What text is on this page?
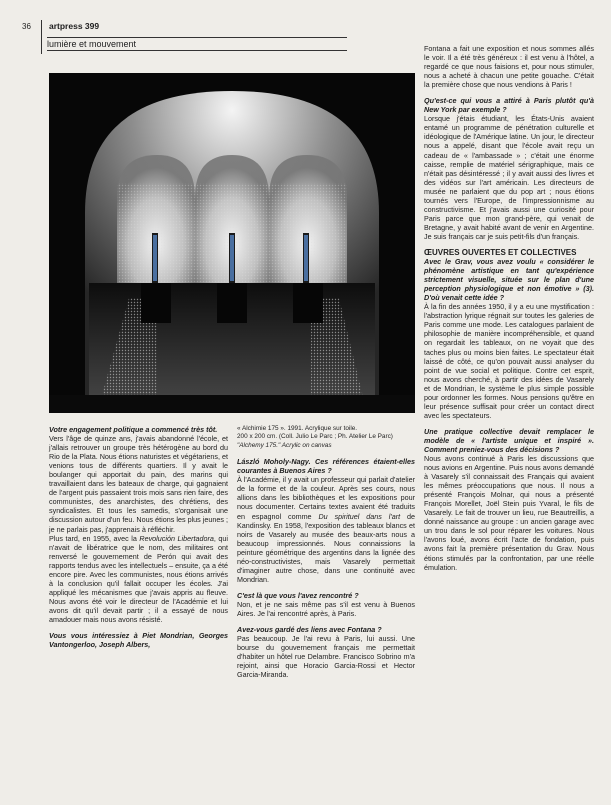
36 artpress 399
lumière et mouvement

Votre engagement politique a commencé très tôt.

Vers l'âge de quinze ans, j'avais abandonné l'école, et j'allais retrouver un groupe très hétérogène au bord du Rio de la Plata. Nous étions naturistes et végétariens, et venions tous de différents quartiers. Il y avait le boulanger qui apportait du pain, des marins qui travaillaient dans les bateaux de charge, qui gagnaient de l'argent puis passaient trois mois sans rien faire, des communistes, des anarchistes, des chrétiens, des syndicalistes. Et tous les samedis, s'organisait une discussion autour d'un feu. Nous étions les plus jeunes ; je ne parlais pas, j'apprenais à réfléchir.

Plus tard, en 1955, avec la Revolución Libertadora, qui n'avait de libératrice que le nom, des militaires ont renversé le gouvernement de Perón qui avait des rapports tendus avec les intellectuels – ensuite, ça a été encore pire. Avec les communistes, nous étions arrivés à la conclusion qu'il fallait occuper les écoles. J'ai appliqué les mécanismes que j'avais appris au fleuve. Nous avons été voir le directeur de l'Académie et lui avons dit qu'il devait partir ; il a essayé de nous amadouer mais nous avons résisté.

Vous vous intéressiez à Piet Mondrian, Georges Vantongerloo, Joseph Albers,

« Alchimie 175 ». 1991. Acrylique sur toile.

200 x 200 cm. (Coll. Julio Le Parc ; Ph. Atelier Le Parc)

"Alchemy 175." Acrylic on canvas

László Moholy-Nagy. Ces références étaient-elles courantes à Buenos Aires ?

À l'Académie, il y avait un professeur qui parlait d'atelier de la forme et de la couleur. Après ses cours, nous allions dans les bibliothèques et les expositions pour nous documenter. Certains textes avaient été traduits en espagnol comme Du spirituel dans l'art de Kandinsky. En 1958, l'exposition des tableaux blancs et noirs de Vasarely au musée des beaux-arts nous a beaucoup impressionnés. Nous connaissions la peinture géométrique des argentins dans la lignée des néo-constructivistes, mais Vasarely permettait d'imaginer autre chose, dans une continuité avec Mondrian.

C'est là que vous l'avez rencontré ?

Non, et je ne sais même pas s'il est venu à Buenos Aires. Je l'ai rencontré après, à Paris.

Avez-vous gardé des liens avec Fontana ?

Pas beaucoup. Je l'ai revu à Paris, lui aussi. Une bourse du gouvernement français me permettait d'habiter un hôtel rue Delambre. Francisco Sobrino m'a rejoint, ainsi que Horacio Garcia-Rossi et Hector Garcia-Miranda.

Fontana a fait une exposition et nous sommes allés le voir. Il a été très généreux : il est venu à l'hôtel, a regardé ce que nous faisions et, pour nous stimuler, nous a acheté à chacun une petite gouache. C'était la première chose que nous vendions à Paris !

Qu'est-ce qui vous a attiré à Paris plutôt qu'à New York par exemple ?

Lorsque j'étais étudiant, les États-Unis avaient entamé un programme de pénétration culturelle et idéologique de l'Amérique latine. Un jour, le directeur nous a appelé, disant que l'école avait reçu un cadeau de « l'ambassade » ; c'était une énorme caisse, remplie de matériel sérigraphique, mais ce n'était pas désintéressé ; il y avait aussi des livres et des vidéos sur l'art américain. Les directeurs de musée ne parlaient que du pop art ; nous étions tournés vers l'Europe, de l'impressionnisme au constructivisme. Et j'avais aussi une curiosité pour Paris parce que mon grand-père, qui venait de Bretagne, y avait habité avant de venir en Argentine. Je suis français car je suis petit-fils d'un français.

ŒUVRES OUVERTES ET COLLECTIVES

Avec le Grav, vous avez voulu « considérer le phénomène artistique en tant qu'expérience strictement visuelle, située sur le plan d'une perception physiologique et non émotive » (3). D'où venait cette idée ?

À la fin des années 1950, il y a eu une mystification : l'abstraction lyrique régnait sur toutes les galeries de Paris comme une mode. Les catalogues parlaient de philosophie de manière incompréhensible, et quand on regardait les tableaux, on ne voyait que des taches plus ou moins bien faites. Le spectateur était laissé de côté, ce qu'on pouvait aussi analyser du point de vue social et politique. Contre cet esprit, nous avons cherché, à partir des idées de Vasarely et de Mondrian, le système le plus simple possible pour ordonner les formes. Nous pensions qu'être en leur présence suffisait pour créer un contact direct avec les spectateurs.

Une pratique collective devait remplacer le modèle de « l'artiste unique et inspiré ». Comment preniez-vous des décisions ?

Nous avons continué à Paris les discussions que nous avions en Argentine. Puis nous avons demandé à Vasarely s'il connaissait des Français qui avaient les mêmes préoccupations que nous. Il nous a présenté François Molnar, qui nous a présenté François Morellet, Joël Stein puis Yvaral, le fils de Vasarely. Le fait de trouver un lieu, rue Beautreillis, a donné naissance au groupe : un ancien garage avec un trou dans le sol pour réparer les voitures. Nous l'avons loué, avons écrit l'acte de fondation, puis avons fait la première présentation du Grav. Nous étions stimulés par la confrontation, par une réelle émulation.
